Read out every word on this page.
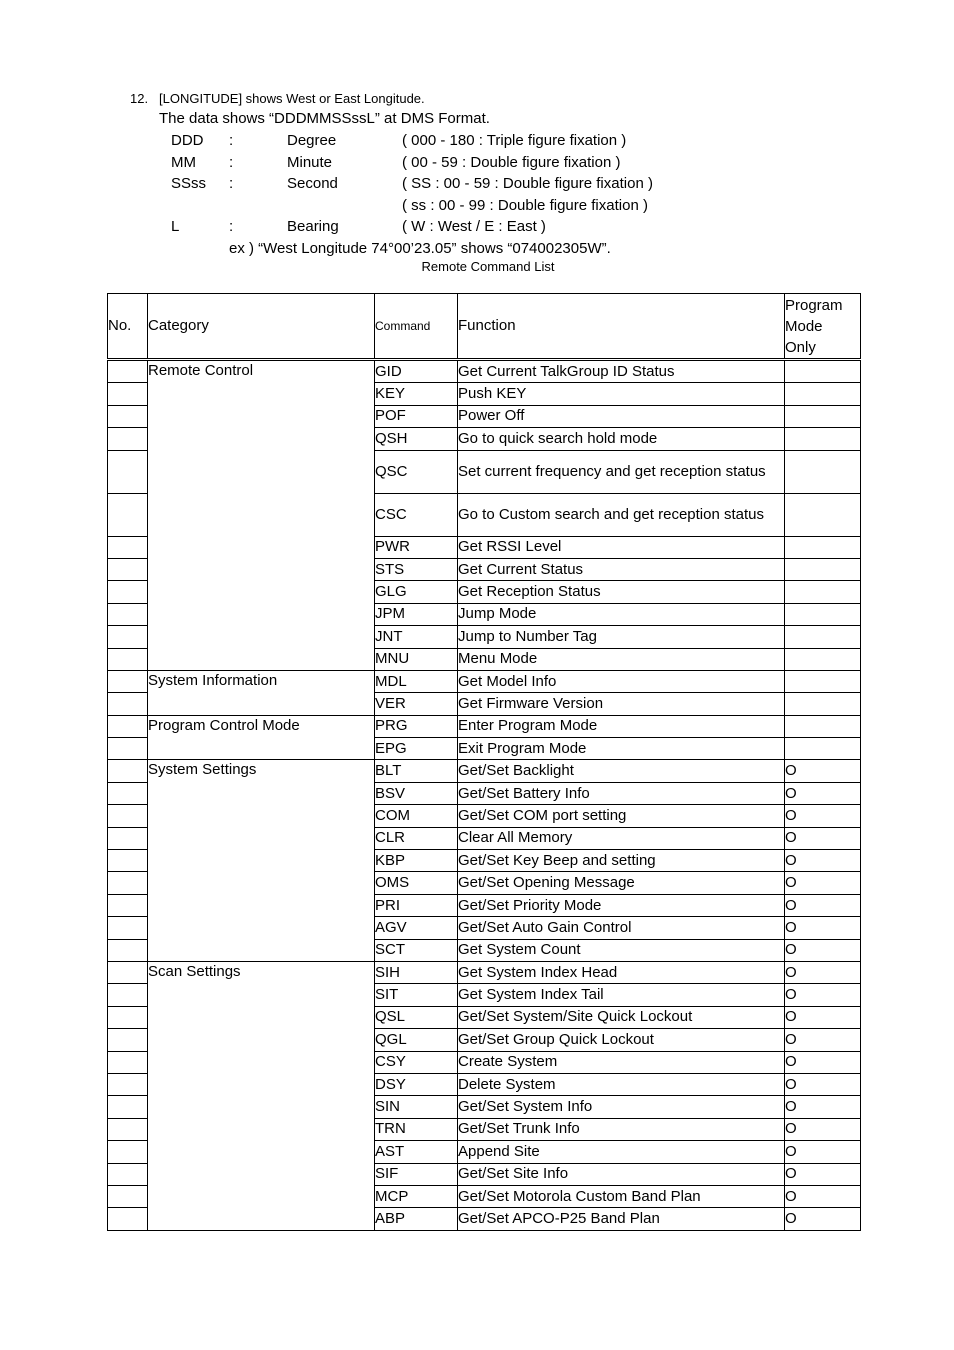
12. [LONGITUDE] shows West or East Longitude.
The data shows “DDDMMSSssL” at DMS Format.
DDD :	Degree	( 000 - 180 : Triple figure fixation )
MM :	Minute	( 00 - 59 : Double figure fixation )
SSss :	Second	( SS : 00 - 59 : Double figure fixation )
( ss : 00 - 99 : Double figure fixation )
L	:	Bearing	( W : West / E : East )
ex ) “West Longitude 74°00’23.05” shows “074002305W”.
Remote Command List
No.	Category	Command	Function	Program
Mode
Only

	Remote Control	GID	Get Current TalkGroup ID Status	
		KEY	Push KEY	
		POF	Power Off	
		QSH	Go to quick search hold mode	
		QSC	Set current frequency and get reception status	
		CSC	Go to Custom search and get reception status	
		PWR	Get RSSI Level	
		STS	Get Current Status	
		GLG	Get Reception Status	
		JPM	Jump Mode	
		JNT	Jump to Number Tag	
		MNU	Menu Mode	
	System Information	MDL	Get Model Info	
		VER	Get Firmware Version	
	Program Control Mode	PRG	Enter Program Mode	
		EPG	Exit Program Mode	
	System Settings	BLT	Get/Set Backlight	O
		BSV	Get/Set Battery Info	O
		COM	Get/Set COM port setting	O
		CLR	Clear All Memory	O
		KBP	Get/Set Key Beep and setting	O
		OMS	Get/Set Opening Message	O
		PRI	Get/Set Priority Mode	O
		AGV	Get/Set Auto Gain Control	O
		SCT	Get System Count	O
	Scan Settings	SIH	Get System Index Head	O
		SIT	Get System Index Tail	O
		QSL	Get/Set System/Site Quick Lockout	O
		QGL	Get/Set Group Quick Lockout	O
		CSY	Create System	O
		DSY	Delete System	O
		SIN	Get/Set System Info	O
		TRN	Get/Set Trunk Info	O
		AST	Append Site	O
		SIF	Get/Set Site Info	O
		MCP	Get/Set Motorola Custom Band Plan	O
		ABP	Get/Set APCO-P25 Band Plan	O
